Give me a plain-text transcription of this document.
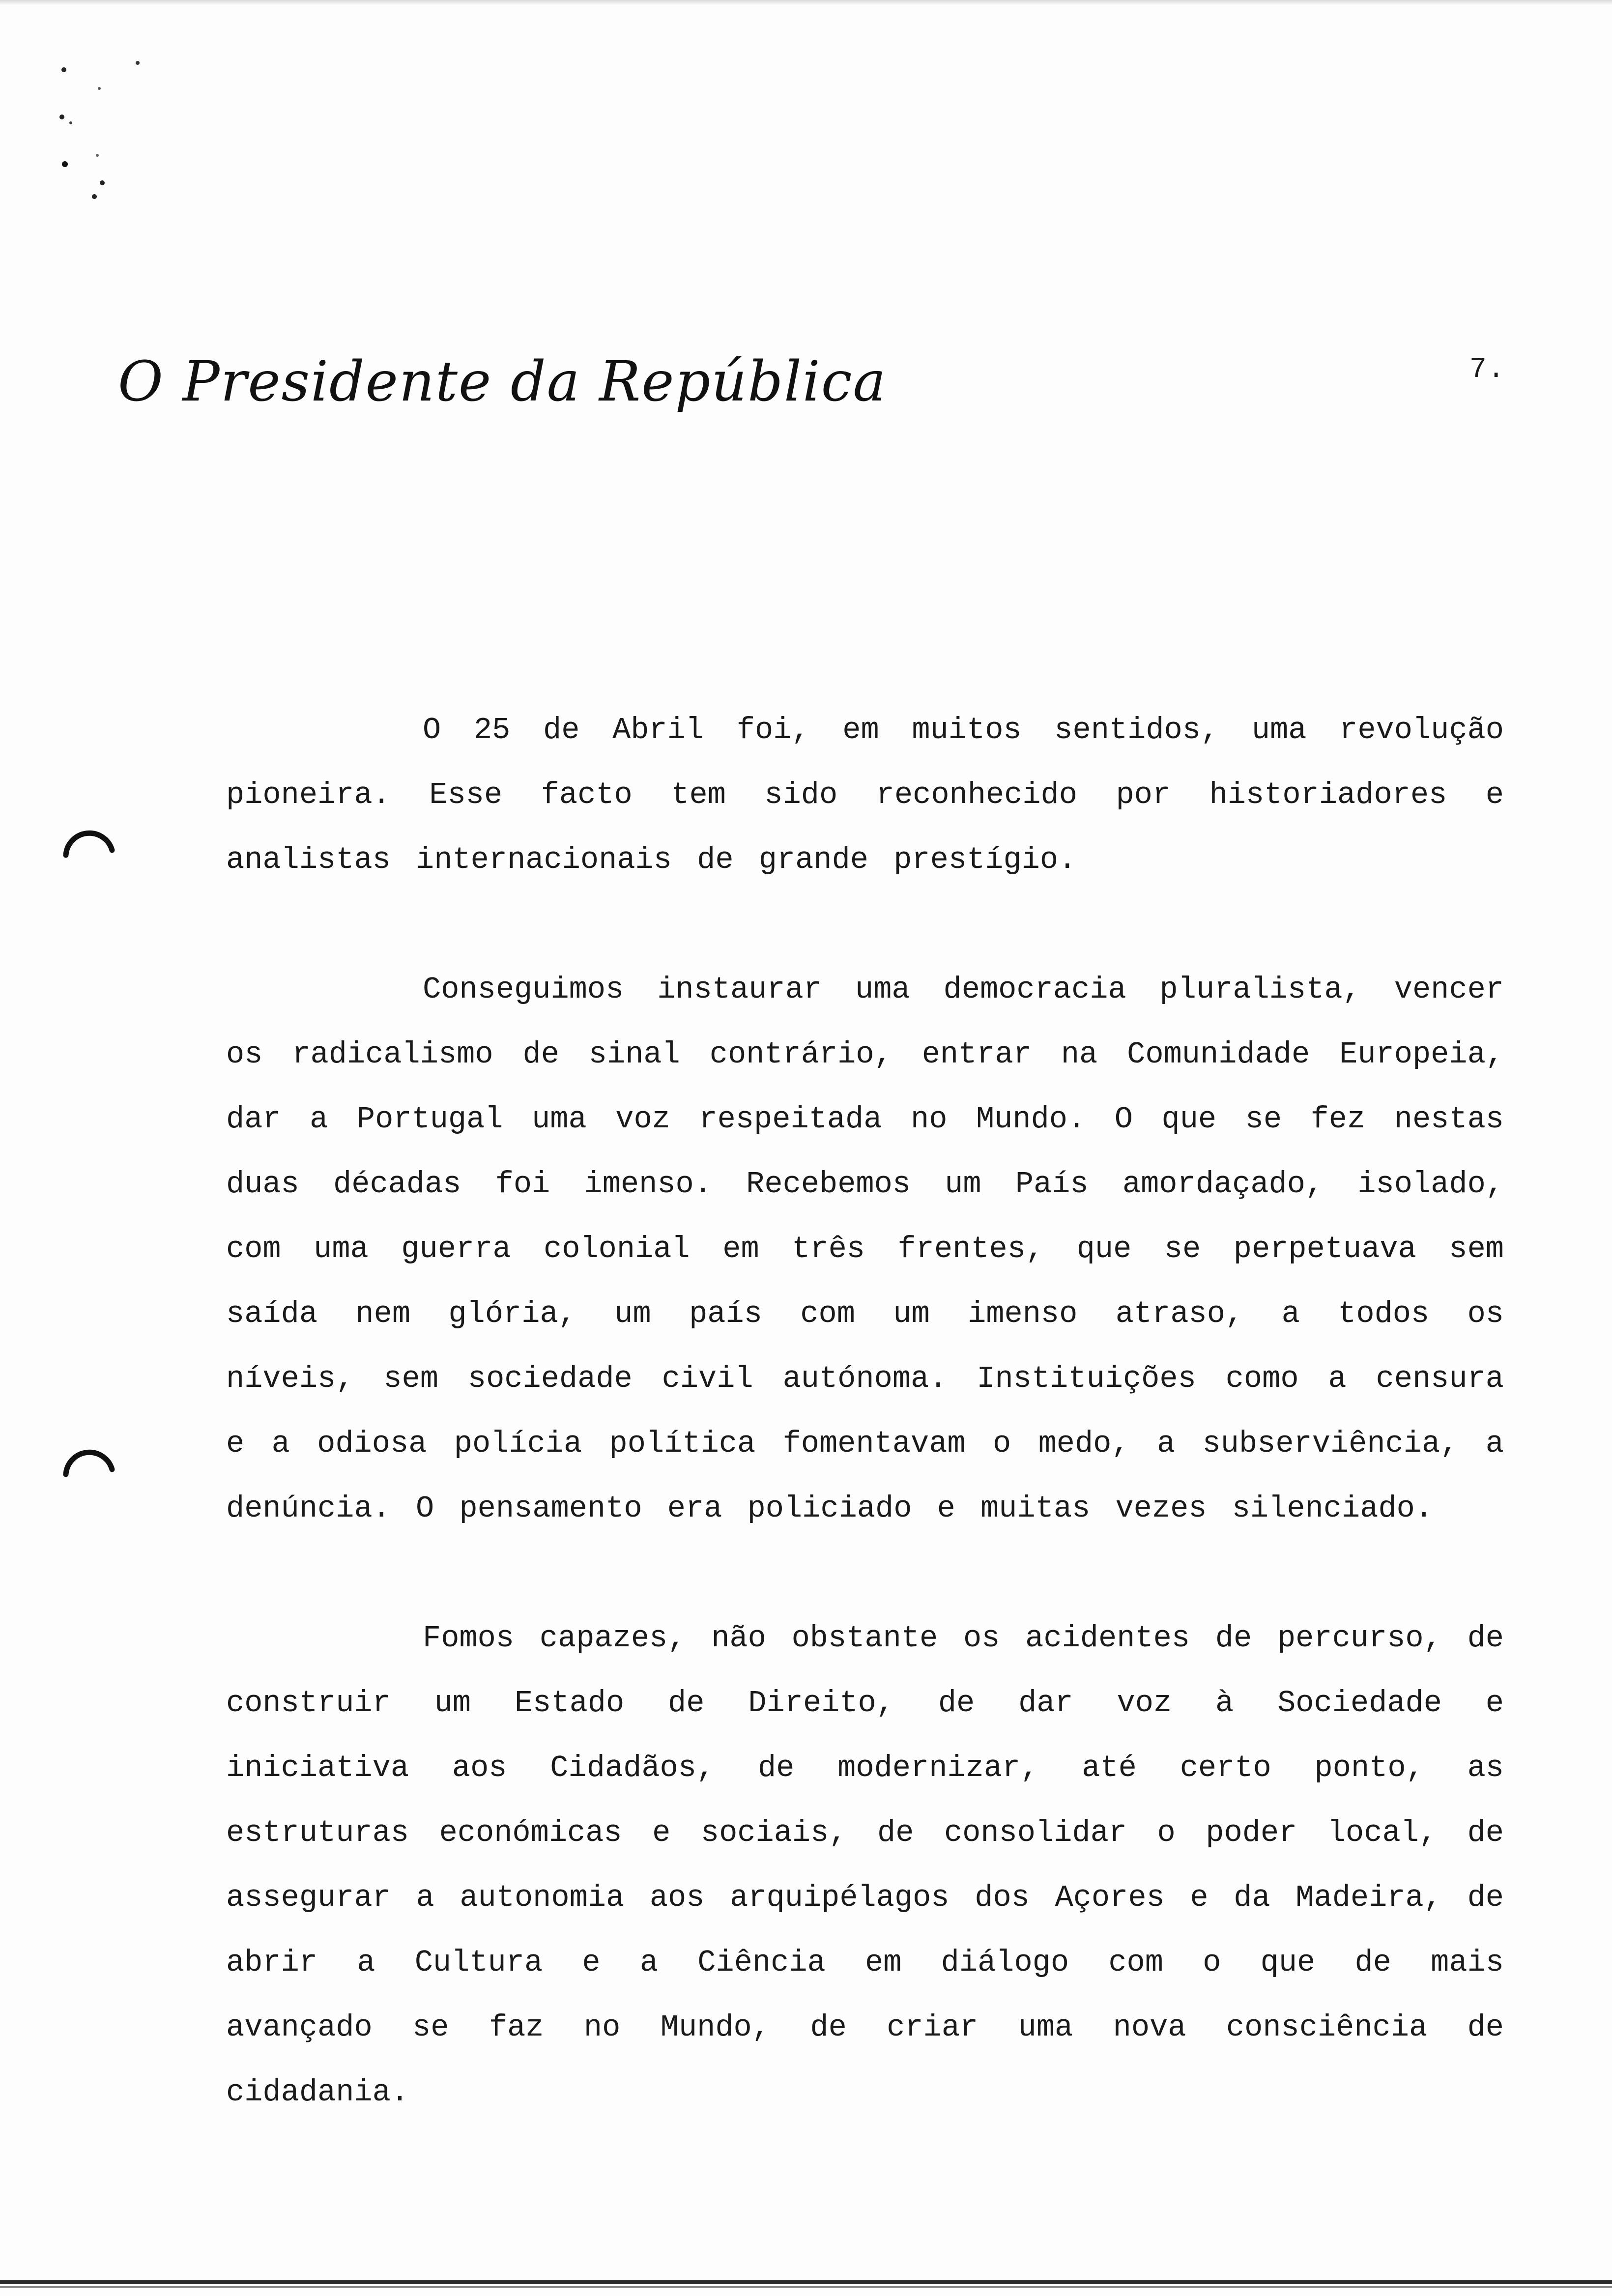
O Presidente da República	7.

O 25 de Abril foi, em muitos sentidos, uma revolução pioneira. Esse facto tem sido reconhecido por historiadores e analistas internacionais de grande prestígio.

Conseguimos instaurar uma democracia pluralista, vencer os radicalismo de sinal contrário, entrar na Comunidade Europeia, dar a Portugal uma voz respeitada no Mundo. O que se fez nestas duas décadas foi imenso. Recebemos um País amordaçado, isolado, com uma guerra colonial em três frentes, que se perpetuava sem saída nem glória, um país com um imenso atraso, a todos os níveis, sem sociedade civil autónoma. Instituições como a censura e a odiosa polícia política fomentavam o medo, a subserviência, a denúncia. O pensamento era policiado e muitas vezes silenciado.

Fomos capazes, não obstante os acidentes de percurso, de construir um Estado de Direito, de dar voz à Sociedade e iniciativa aos Cidadãos, de modernizar, até certo ponto, as estruturas económicas e sociais, de consolidar o poder local, de assegurar a autonomia aos arquipélagos dos Açores e da Madeira, de abrir a Cultura e a Ciência em diálogo com o que de mais avançado se faz no Mundo, de criar uma nova consciência de cidadania.
